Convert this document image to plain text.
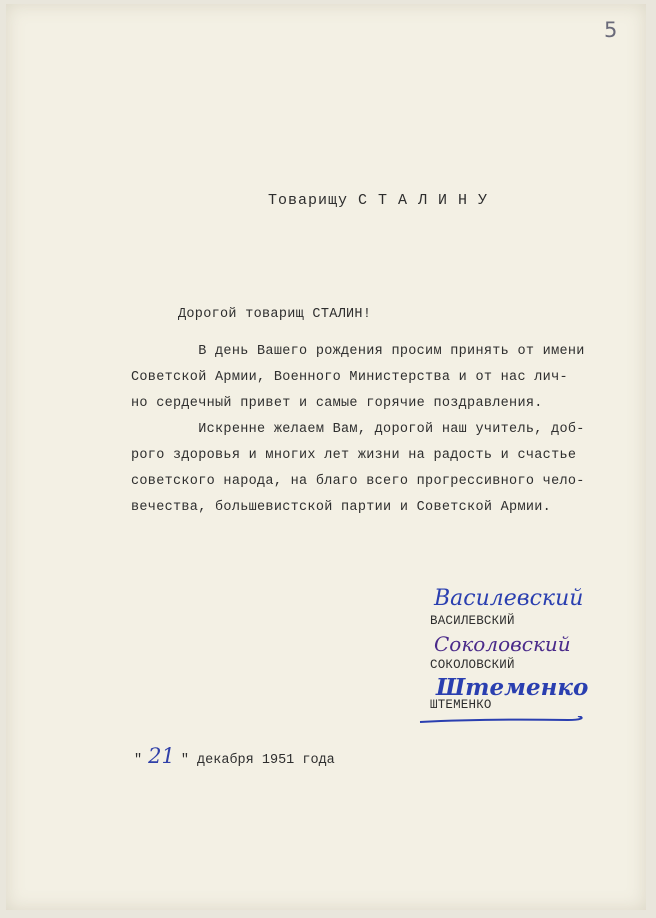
5
Товарищу С Т А Л И Н У
Дорогой товарищ СТАЛИН!
В день Вашего рождения просим принять от имени
Советской Армии, Военного Министерства и от нас лич-
но сердечный привет и самые горячие поздравления.
Искренне желаем Вам, дорогой наш учитель, доб-
рого здоровья и многих лет жизни на радость и счастье
советского народа, на благо всего прогрессивного чело-
вечества, большевистской партии и Советской Армии.
Василевский
ВАСИЛЕВСКИЙ
Соколовский
СОКОЛОВСКИЙ
Штеменко
ШТЕМЕНКО
" 21 " декабря 1951 года
